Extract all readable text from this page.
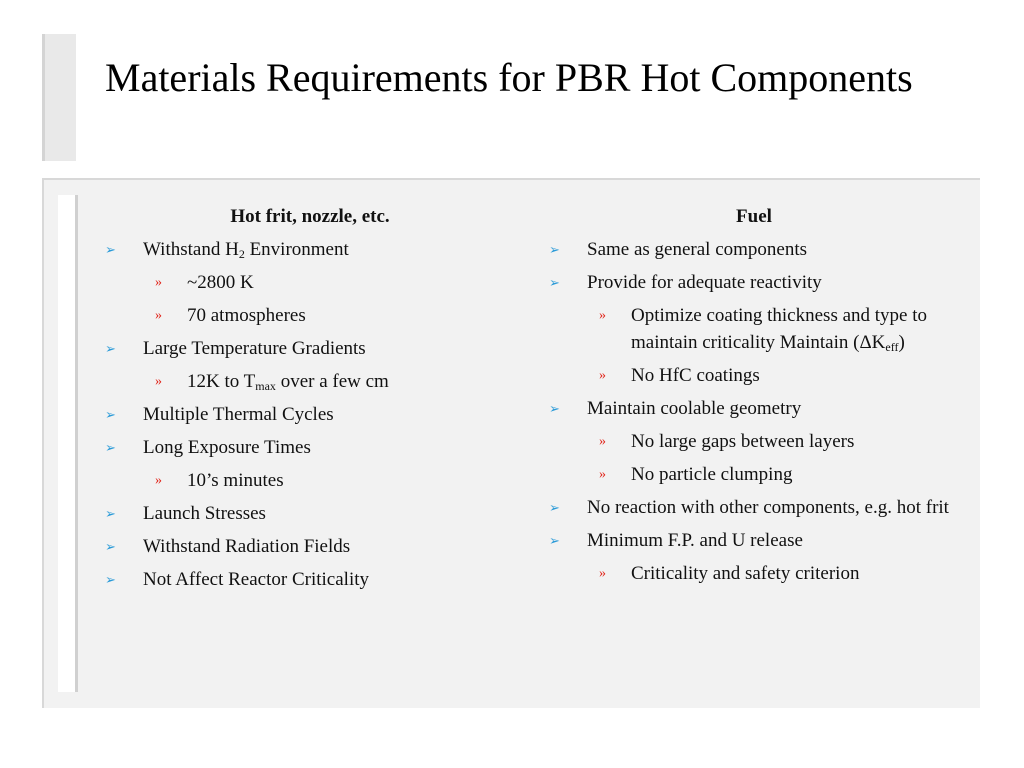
Materials Requirements for PBR Hot Components
Hot frit, nozzle, etc.
➢ Withstand $H_2$ Environment
» ~2800 K
» 70 atmospheres
➢ Large Temperature Gradients
» 12K to $T_{max}$ over a few cm
➢ Multiple Thermal Cycles
➢ Long Exposure Times
» 10’s minutes
➢ Launch Stresses
➢ Withstand Radiation Fields
➢ Not Affect Reactor Criticality
Fuel
➢ Same as general components
➢ Provide for adequate reactivity
» Optimize coating thickness and type to maintain criticality Maintain $(\Delta K_{eff})$
» No HfC coatings
➢ Maintain coolable geometry
» No large gaps between layers
» No particle clumping
➢ No reaction with other components, e.g. hot frit
➢ Minimum F.P. and U release
» Criticality and safety criterion
